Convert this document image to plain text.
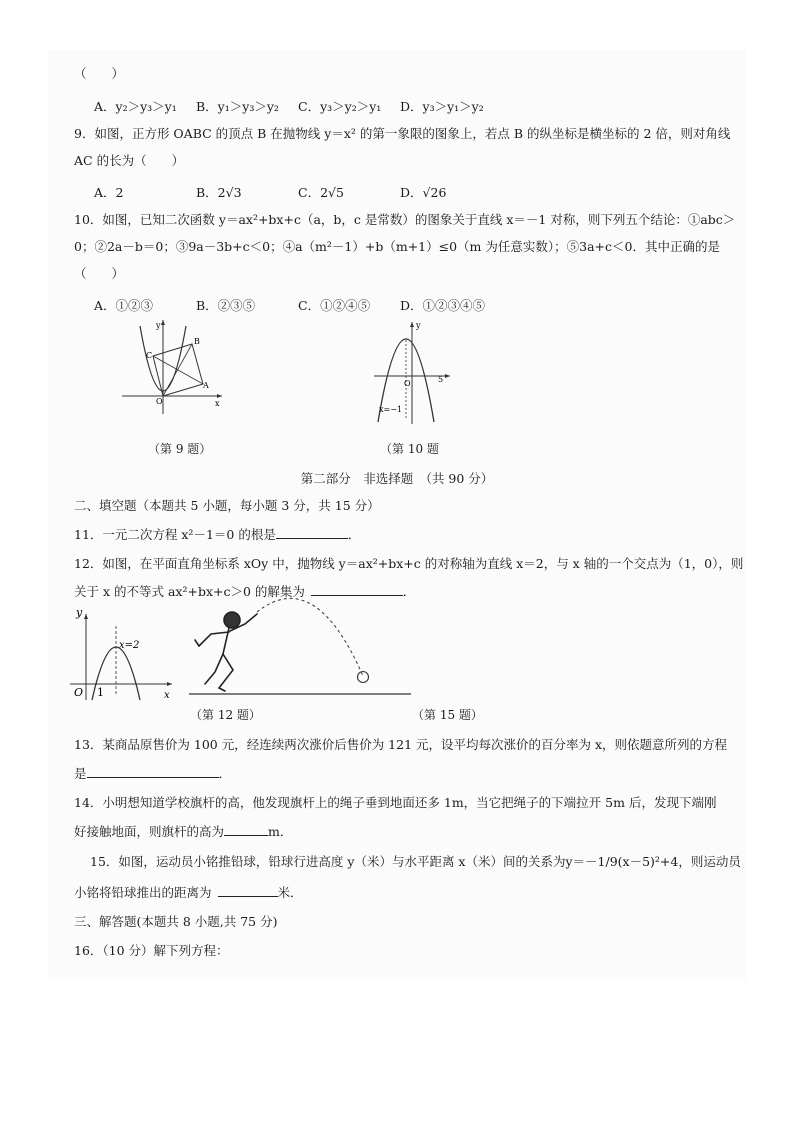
（　　）
A．y₂＞y₃＞y₁ B．y₁＞y₃＞y₂ C．y₃＞y₂＞y₁ D．y₃＞y₁＞y₂
9．如图，正方形 OABC 的顶点 B 在抛物线 y＝x² 的第一象限的图象上，若点 B 的纵坐标是横坐标的 2 倍，则对角线
AC 的长为（　　）
A．2	B．2√3	C．2√5	D．√26
10．如图，已知二次函数 y＝ax²+bx+c（a，b，c 是常数）的图象关于直线 x＝－1 对称，则下列五个结论：①abc＞
0；②2a－b＝0；③9a－3b+c＜0；④a（m²－1）+b（m+1）≤0（m 为任意实数）；⑤3a+c＜0．其中正确的是
（　　）
A．①②③	B．②③⑤	C．①②④⑤ D．①②③④⑤
y
x
C
B
A
O
y
O	5
x=−1
（第 9 题）	（第 10 题
第二部分　非选择题　（共 90 分）
二、填空题（本题共 5 小题，每小题 3 分，共 15 分）
11．一元二次方程 x²－1＝0 的根是	．
12．如图，在平面直角坐标系 xOy 中，抛物线 y＝ax²+bx+c 的对称轴为直线 x＝2，与 x 轴的一个交点为（1，0），则
关于 x 的不等式 ax²+bx+c＞0 的解集为	．
y
x
O 1
x=2
（第 12 题）	（第 15 题）
13．某商品原售价为 100 元，经连续两次涨价后售价为 121 元，设平均每次涨价的百分率为 x，则依题意所列的方程
是	．
14．小明想知道学校旗杆的高，他发现旗杆上的绳子垂到地面还多 1m，当它把绳子的下端拉开 5m 后，发现下端刚
好接触地面，则旗杆的高为	m．
15．如图，运动员小铭推铅球，铅球行进高度 y（米）与水平距离 x（米）间的关系为y＝－1/9(x－5)²+4，则运动员
小铭将铅球推出的距离为	米．
三、解答题(本题共 8 小题,共 75 分)
16．（10 分）解下列方程：
